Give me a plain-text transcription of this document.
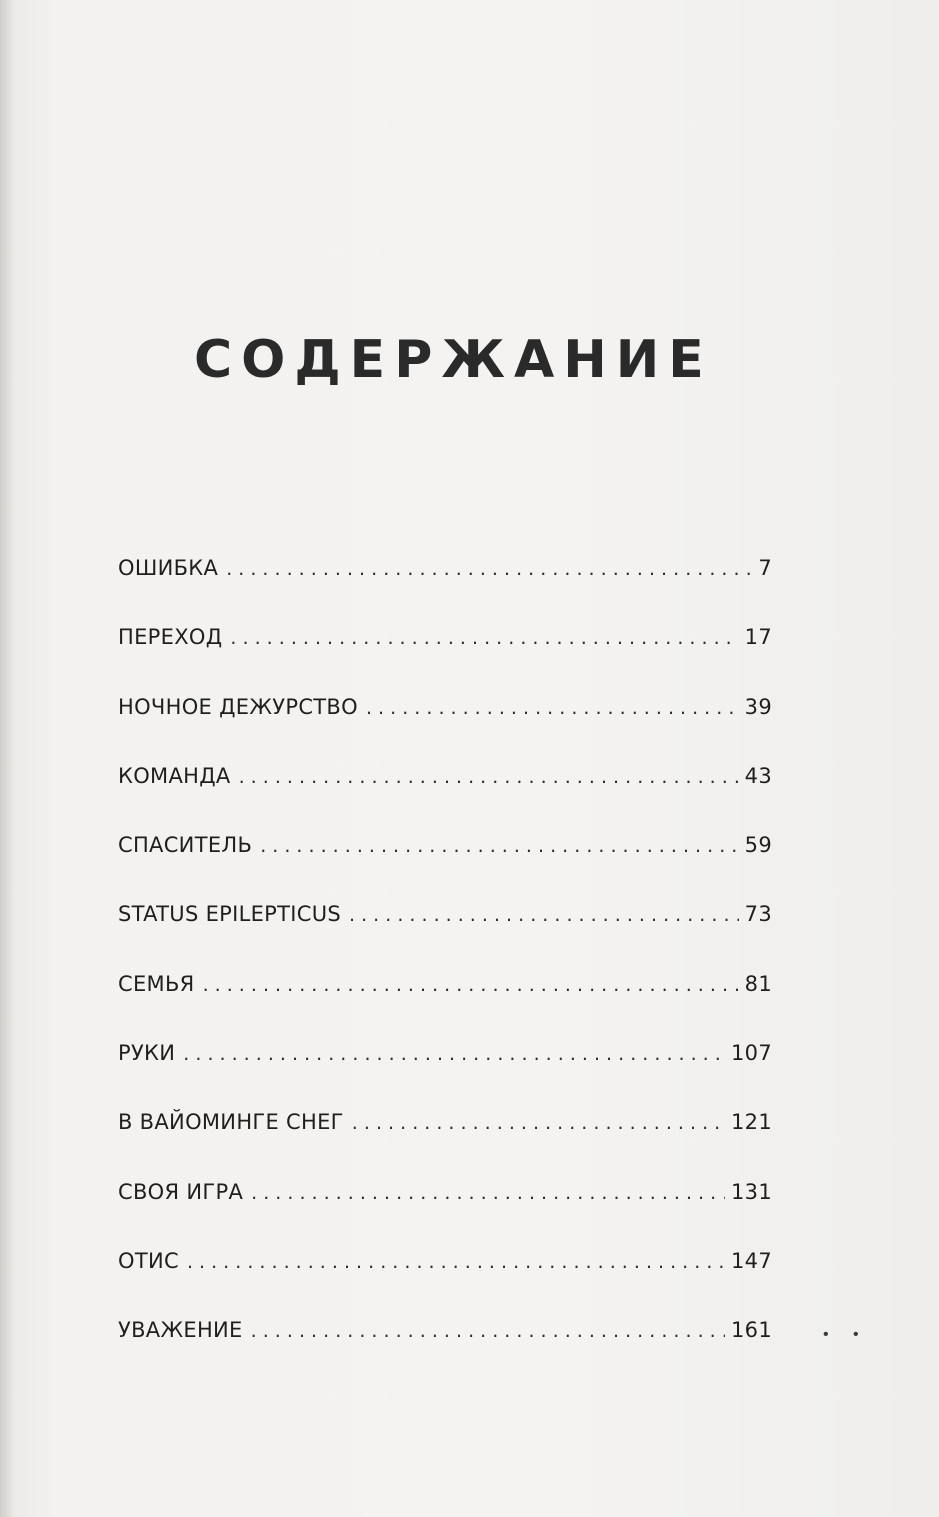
СОДЕРЖАНИЕ
ОШИБКА . . .	7
ПЕРЕХОД . . .	17
НОЧНОЕ ДЕЖУРСТВО . . .	39
КОМАНДА . . .	43
СПАСИТЕЛЬ . . .	59
STATUS EPILEPTICUS . . .	73
СЕМЬЯ . . .	81
РУКИ . . .	107
В ВАЙОМИНГЕ СНЕГ . . .	121
СВОЯ ИГРА . . .	131
ОТИС . . .	147
УВАЖЕНИЕ . . .	161	• •
